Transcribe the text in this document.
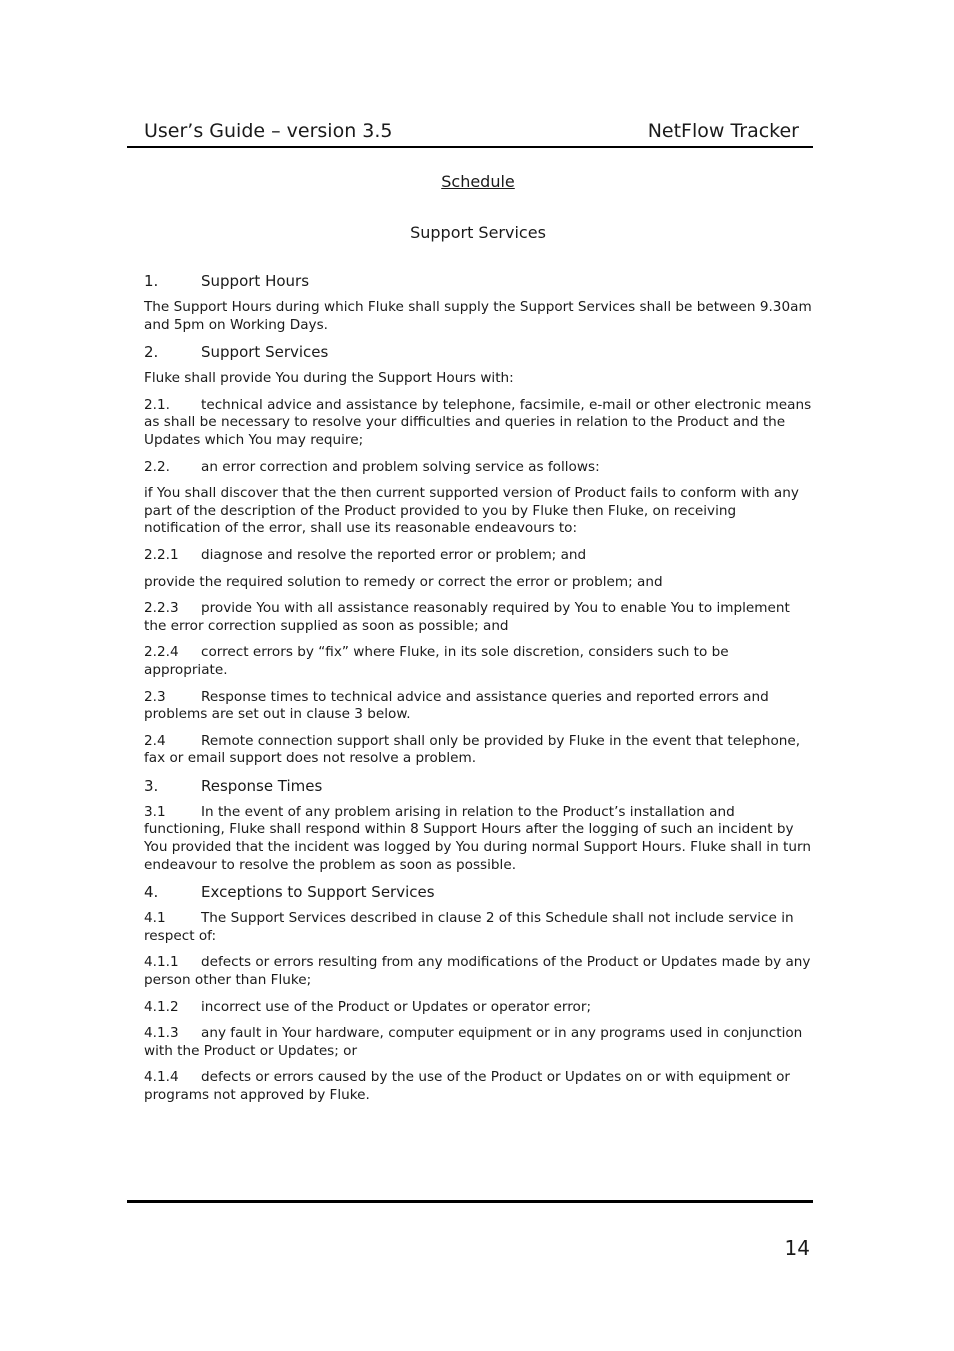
User’s Guide – version 3.5	NetFlow Tracker
Schedule
Support Services
1.	Support Hours

The Support Hours during which Fluke shall supply the Support Services shall be between 9.30am and 5pm on Working Days.

2.	Support Services

Fluke shall provide You during the Support Hours with:

2.1. technical advice and assistance by telephone, facsimile, e-mail or other electronic means as shall be necessary to resolve your difficulties and queries in relation to the Product and the Updates which You may require;

2.2. an error correction and problem solving service as follows:

if You shall discover that the then current supported version of Product fails to conform with any part of the description of the Product provided to you by Fluke then Fluke, on receiving notification of the error, shall use its reasonable endeavours to:

2.2.1 diagnose and resolve the reported error or problem; and

provide the required solution to remedy or correct the error or problem; and

2.2.3 provide You with all assistance reasonably required by You to enable You to implement the error correction supplied as soon as possible; and

2.2.4 correct errors by “fix” where Fluke, in its sole discretion, considers such to be appropriate.

2.3	Response times to technical advice and assistance queries and reported errors and problems are set out in clause 3 below.

2.4	Remote connection support shall only be provided by Fluke in the event that telephone, fax or email support does not resolve a problem.

3.	Response Times

3.1	In the event of any problem arising in relation to the Product’s installation and functioning, Fluke shall respond within 8 Support Hours after the logging of such an incident by You provided that the incident was logged by You during normal Support Hours. Fluke shall in turn endeavour to resolve the problem as soon as possible.

4.	Exceptions to Support Services

4.1	The Support Services described in clause 2 of this Schedule shall not include service in respect of:

4.1.1 defects or errors resulting from any modifications of the Product or Updates made by any person other than Fluke;

4.1.2 incorrect use of the Product or Updates or operator error;

4.1.3 any fault in Your hardware, computer equipment or in any programs used in conjunction with the Product or Updates; or

4.1.4 defects or errors caused by the use of the Product or Updates on or with equipment or programs not approved by Fluke.

14
